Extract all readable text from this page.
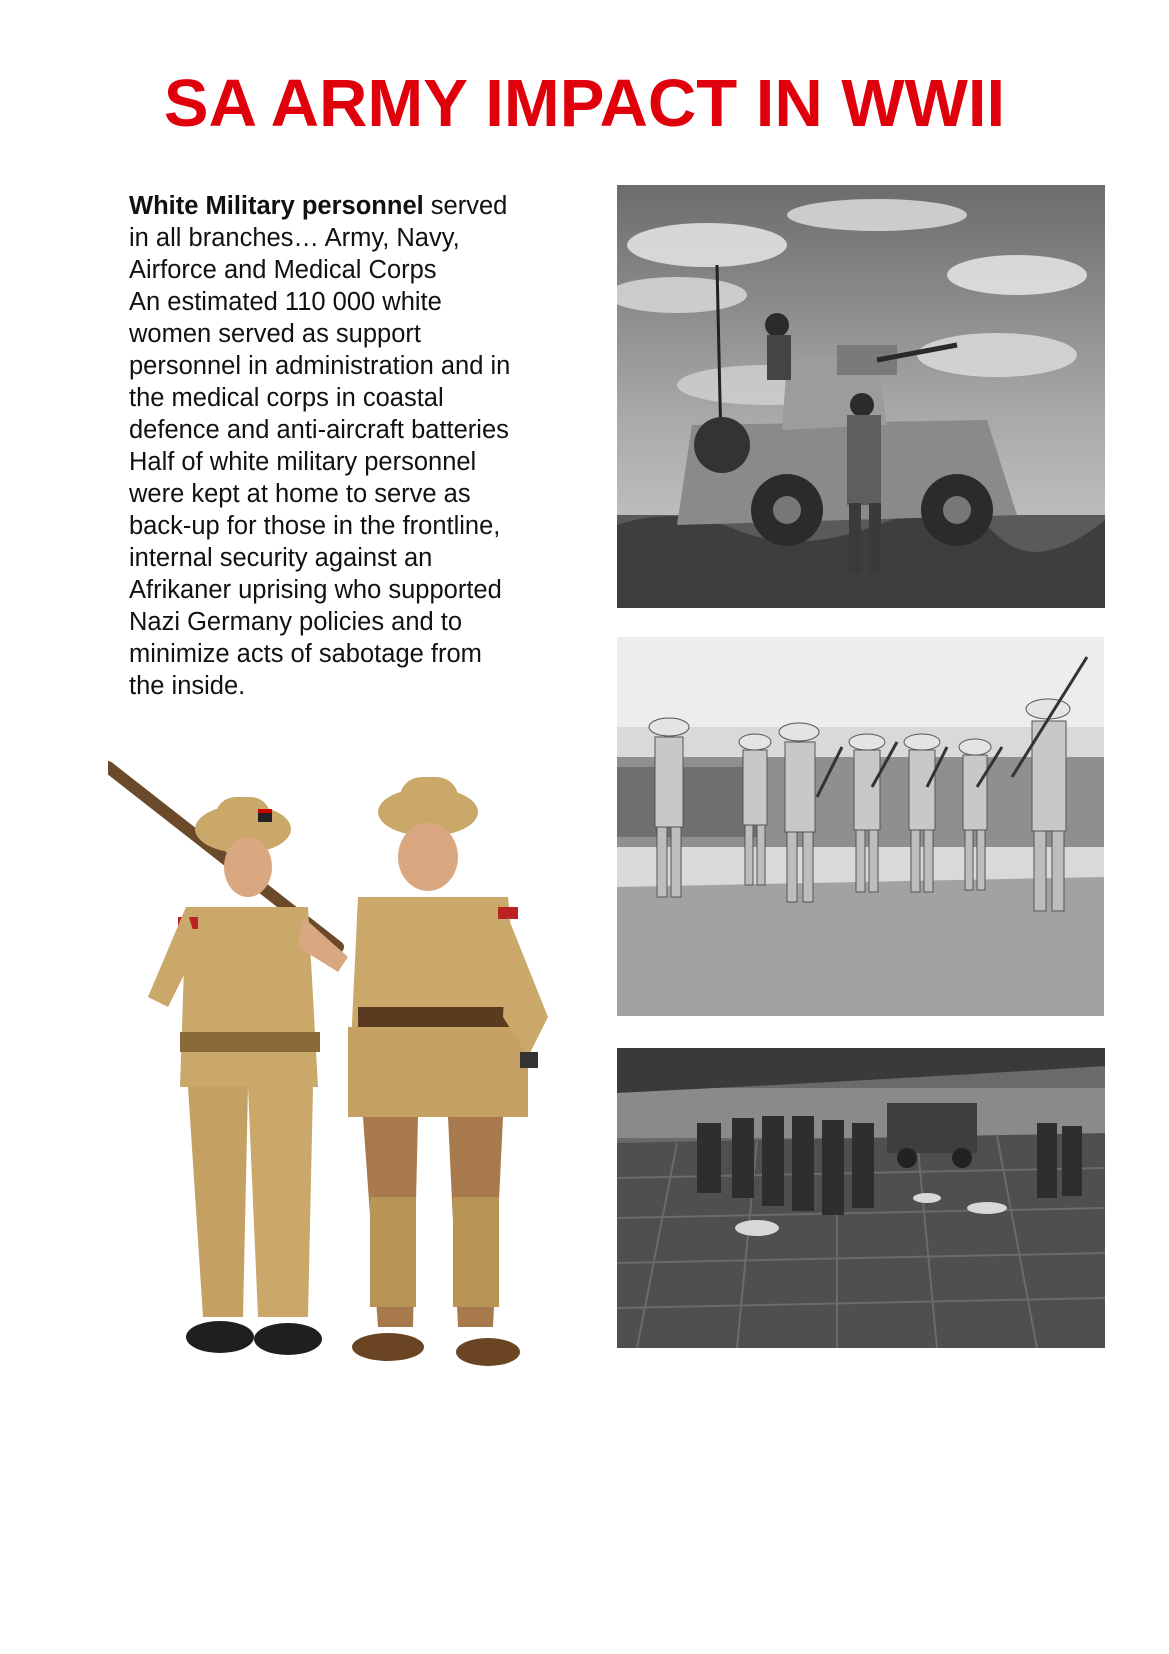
SA ARMY IMPACT IN WWII
White Military personnel served
in all branches… Army, Navy,
Airforce and Medical Corps
An estimated 110 000 white
women served as support
personnel in administration and in
the medical corps in coastal
defence and anti-aircraft batteries
Half of white military personnel
were kept at home to serve as
back-up for those in the frontline,
internal security against an
Afrikaner uprising who supported
Nazi Germany policies and to
minimize acts of sabotage from
the inside.
